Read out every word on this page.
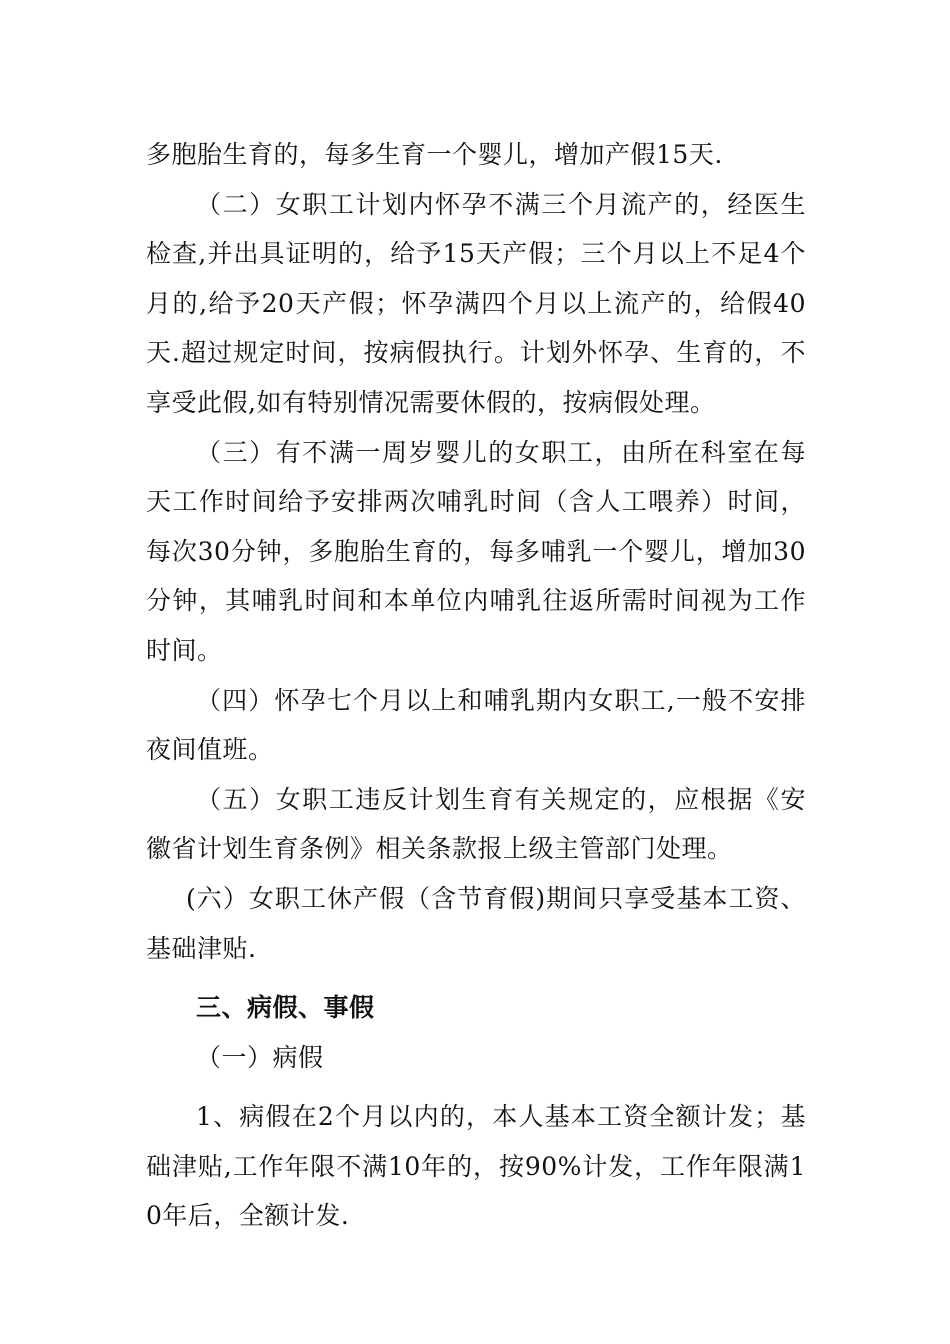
多胞胎生育的，每多生育一个婴儿，增加产假15天.

（二）女职工计划内怀孕不满三个月流产的，经医生检查,并出具证明的，给予15天产假；三个月以上不足4个月的,给予20天产假；怀孕满四个月以上流产的，给假40天.超过规定时间，按病假执行。计划外怀孕、生育的，不享受此假,如有特别情况需要休假的，按病假处理。

（三）有不满一周岁婴儿的女职工，由所在科室在每天工作时间给予安排两次哺乳时间（含人工喂养）时间，每次30分钟，多胞胎生育的，每多哺乳一个婴儿，增加30分钟，其哺乳时间和本单位内哺乳往返所需时间视为工作时间。

（四）怀孕七个月以上和哺乳期内女职工,一般不安排夜间值班。

（五）女职工违反计划生育有关规定的，应根据《安徽省计划生育条例》相关条款报上级主管部门处理。

(六）女职工休产假（含节育假)期间只享受基本工资、基础津贴.

三、病假、事假

（一）病假

1、病假在2个月以内的，本人基本工资全额计发；基础津贴,工作年限不满10年的，按90%计发，工作年限满10年后，全额计发.
